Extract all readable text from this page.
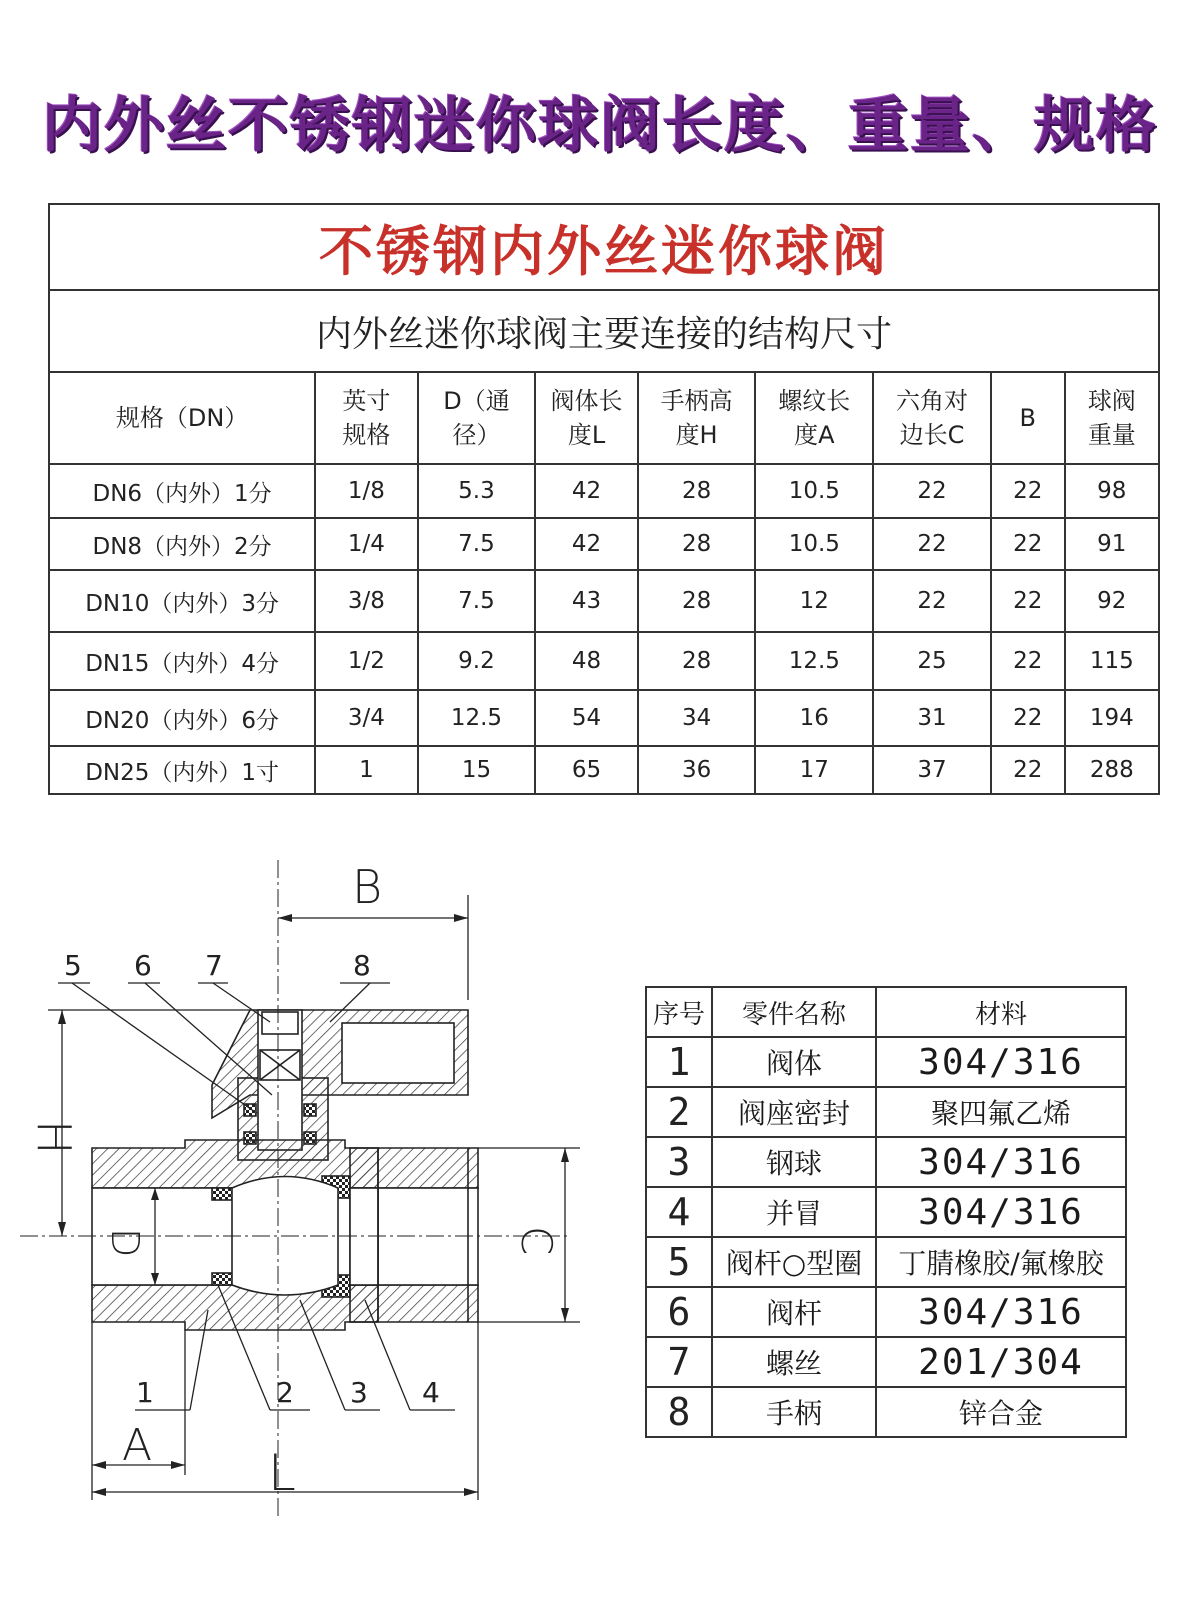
内外丝不锈钢迷你球阀长度、重量、规格
不锈钢内外丝迷你球阀								
内外丝迷你球阀主要连接的结构尺寸								
规格（DN）	英寸规格	D（通径）	阀体长度L	手柄高度H	螺纹长度A	六角对边长C	B	球阀重量
DN6（内外）1分	1/8	5.3	42	28	10.5	22	22	98
DN8（内外）2分	1/4	7.5	42	28	10.5	22	22	91
DN10（内外）3分	3/8	7.5	43	28	12	22	22	92
DN15（内外）4分	1/2	9.2	48	28	12.5	25	22	115
DN20（内外）6分	3/4	12.5	54	34	16	31	22	194
DN25（内外）1寸	1	15	65	36	17	37	22	288
B
H
D	C
A L
5 6 7	8
1	2 3 4
序号	零件名称	材料
1	阀体	304/316
2	阀座密封	聚四氟乙烯
3	钢球	304/316
4	并冒	304/316
5	阀杆○型圈	丁腈橡胶/氟橡胶
6	阀杆	304/316
7	螺丝	201/304
8	手柄	锌合金
